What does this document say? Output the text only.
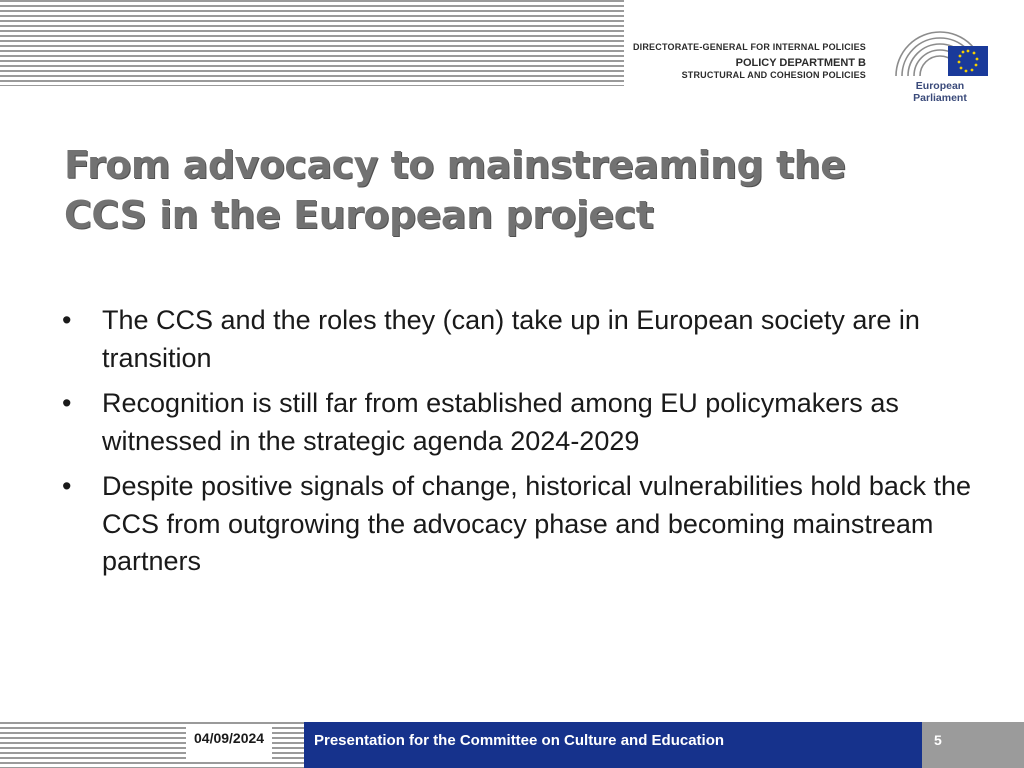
DIRECTORATE-GENERAL FOR INTERNAL POLICIES
POLICY DEPARTMENT B
STRUCTURAL AND COHESION POLICIES
European Parliament
From advocacy to mainstreaming the
CCS in the European project
•	The CCS and the roles they (can) take up in European society are in transition
•	Recognition is still far from established among EU policymakers as witnessed in the strategic agenda 2024-2029
•	Despite positive signals of change, historical vulnerabilities hold back the CCS from outgrowing the advocacy phase and becoming mainstream partners
04/09/2024	Presentation for the Committee on Culture and Education	5
